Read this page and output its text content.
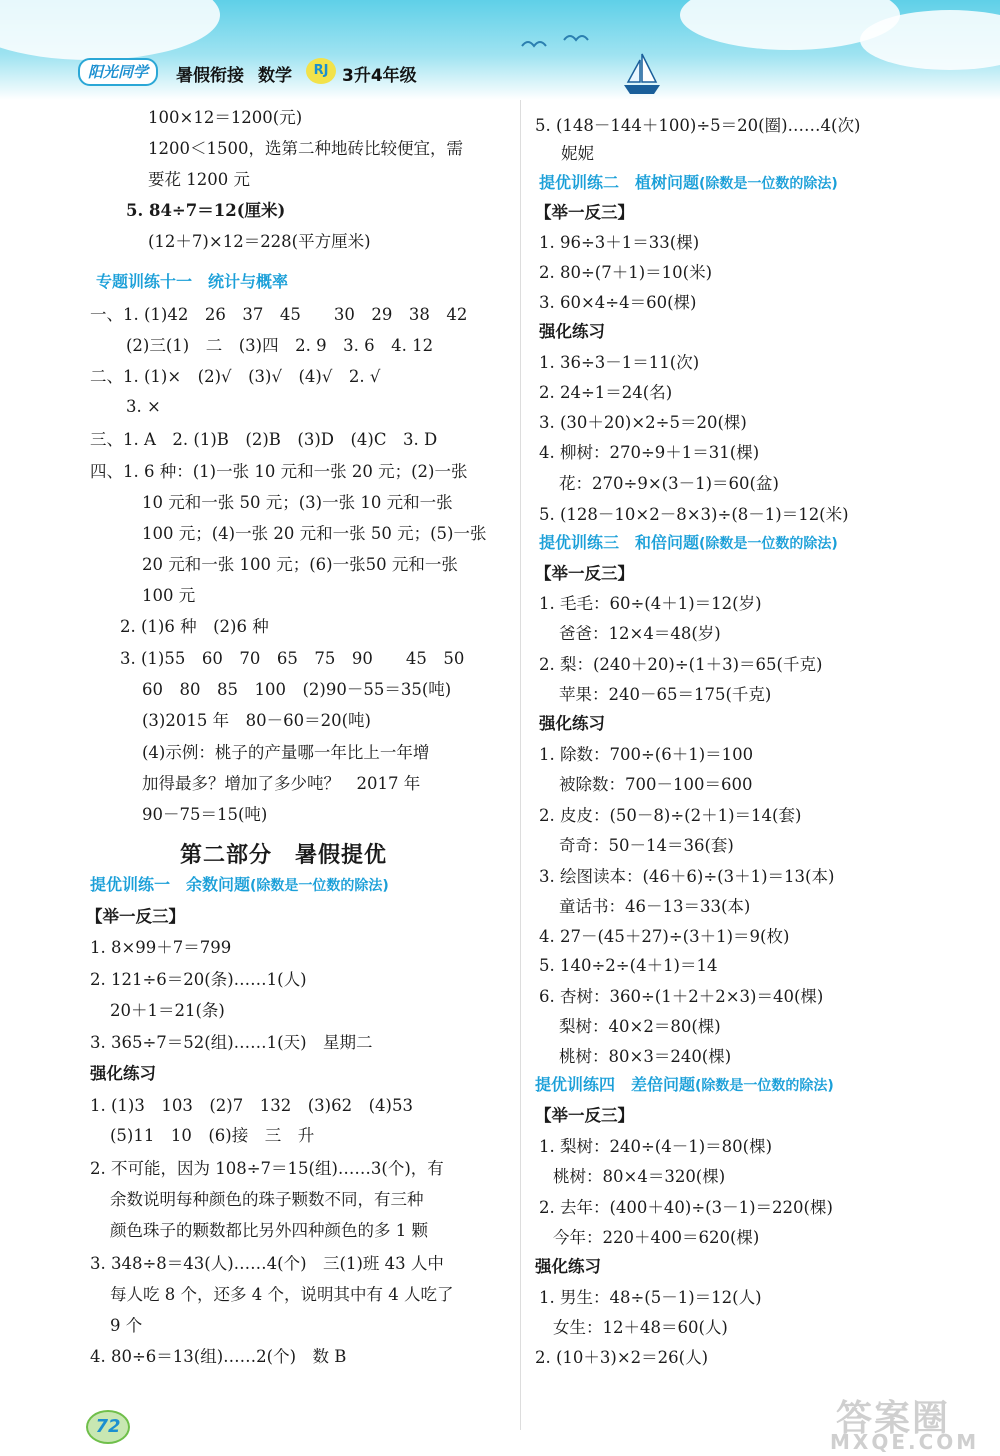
阳光同学	暑假衔接 数学	RJ 3升4年级
100×12＝1200(元)
1200＜1500，选第二种地砖比较便宜，需
要花 1200 元
5. 84÷7＝12(厘米)
(12＋7)×12＝228(平方厘米)
专题训练十一　统计与概率
一、1. (1)42　26　37　45　　30　29　38　42
(2)三(1)　二　(3)四　2. 9　3. 6　4. 12
二、1. (1)×　(2)√　(3)√　(4)√　2. √
3. ×
三、1. A　2. (1)B　(2)B　(3)D　(4)C　3. D
四、1. 6 种：(1)一张 10 元和一张 20 元；(2)一张
10 元和一张 50 元；(3)一张 10 元和一张
100 元；(4)一张 20 元和一张 50 元；(5)一张
20 元和一张 100 元；(6)一张50 元和一张
100 元
2. (1)6 种　(2)6 种
3. (1)55　60　70　65　75　90　　45　50
60　80　85　100　(2)90－55＝35(吨)
(3)2015 年　80－60＝20(吨)
(4)示例：桃子的产量哪一年比上一年增
加得最多？增加了多少吨？　2017 年
90－75＝15(吨)
提优训练一　余数问题(除数是一位数的除法)
【举一反三】
1. 8×99＋7＝799
2. 121÷6＝20(条)……1(人)
20＋1＝21(条)
3. 365÷7＝52(组)……1(天)　星期二
强化练习
1. (1)3　103　(2)7　132　(3)62　(4)53
(5)11　10　(6)接　三　升
2. 不可能，因为 108÷7＝15(组)……3(个)，有
余数说明每种颜色的珠子颗数不同，有三种
颜色珠子的颗数都比另外四种颜色的多 1 颗
3. 348÷8＝43(人)……4(个)　三(1)班 43 人中
每人吃 8 个，还多 4 个，说明其中有 4 人吃了
9 个
4. 80÷6＝13(组)……2(个)　数 B
第二部分　暑假提优
5. (148－144＋100)÷5＝20(圈)……4(次)
妮妮
提优训练二　植树问题(除数是一位数的除法)
【举一反三】
1. 96÷3＋1＝33(棵)
2. 80÷(7＋1)＝10(米)
3. 60×4÷4＝60(棵)
强化练习
1. 36÷3－1＝11(次)
2. 24÷1＝24(名)
3. (30＋20)×2÷5＝20(棵)
4. 柳树：270÷9＋1＝31(棵)
花：270÷9×(3－1)＝60(盆)
5. (128－10×2－8×3)÷(8－1)＝12(米)
提优训练三　和倍问题(除数是一位数的除法)
【举一反三】
1. 毛毛：60÷(4＋1)＝12(岁)
爸爸：12×4＝48(岁)
2. 梨：(240＋20)÷(1＋3)＝65(千克)
苹果：240－65＝175(千克)
强化练习
1. 除数：700÷(6＋1)＝100
被除数：700－100＝600
2. 皮皮：(50－8)÷(2＋1)＝14(套)
奇奇：50－14＝36(套)
3. 绘图读本：(46＋6)÷(3＋1)＝13(本)
童话书：46－13＝33(本)
4. 27－(45＋27)÷(3＋1)＝9(枚)
5. 140÷2÷(4＋1)＝14
6. 杏树：360÷(1＋2＋2×3)＝40(棵)
梨树：40×2＝80(棵)
桃树：80×3＝240(棵)
提优训练四　差倍问题(除数是一位数的除法)
【举一反三】
1. 梨树：240÷(4－1)＝80(棵)
桃树：80×4＝320(棵)
2. 去年：(400＋40)÷(3－1)＝220(棵)
今年：220＋400＝620(棵)
强化练习
1. 男生：48÷(5－1)＝12(人)
女生：12＋48＝60(人)
2. (10＋3)×2＝26(人)
72	答案圈
MXQE.COM
